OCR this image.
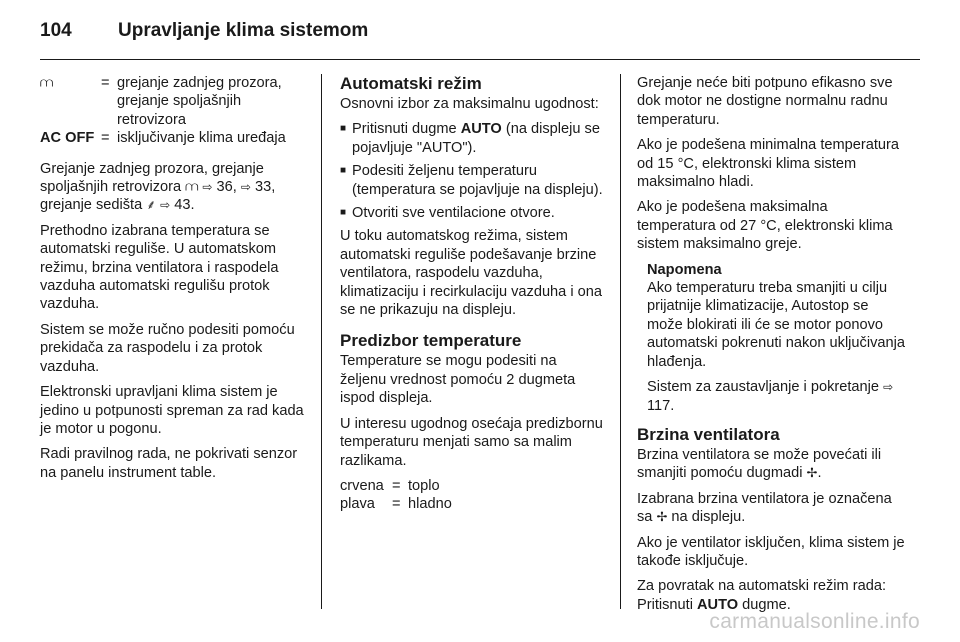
104	Upravljanje klima sistemom
⩋	= grejanje zadnjeg prozora, grejanje spoljašnjih retrovizora
AC OFF = isključivanje klima uređaja

Grejanje zadnjeg prozora, grejanje spoljašnjih retrovizora ⩋ ⇨ 36, ⇨ 33, grejanje sedišta ⸙ ⇨ 43.

Prethodno izabrana temperatura se automatski reguliše. U automatskom režimu, brzina ventilatora i raspodela vazduha automatski regulišu protok vazduha.

Sistem se može ručno podesiti pomoću prekidača za raspodelu i za protok vazduha.

Elektronski upravljani klima sistem je jedino u potpunosti spreman za rad kada je motor u pogonu.

Radi pravilnog rada, ne pokrivati senzor na panelu instrument table.

Automatski režim

Osnovni izbor za maksimalnu ugodnost:

■ Pritisnuti dugme AUTO (na displeju se pojavljuje "AUTO").
■ Podesiti željenu temperaturu (temperatura se pojavljuje na displeju).
■ Otvoriti sve ventilacione otvore.

U toku automatskog režima, sistem automatski reguliše podešavanje brzine ventilatora, raspodelu vazduha, klimatizaciju i recirkulaciju vazduha i ona se ne prikazuju na displeju.

Predizbor temperature

Temperature se mogu podesiti na željenu vrednost pomoću 2 dugmeta ispod displeja.

U interesu ugodnog osećaja predizbornu temperaturu menjati samo sa malim razlikama.

crvena = toplo
plava	= hladno

Grejanje neće biti potpuno efikasno sve dok motor ne dostigne normalnu radnu temperaturu.

Ako je podešena minimalna temperatura od 15 °C, elektronski klima sistem maksimalno hladi.

Ako je podešena maksimalna temperatura od 27 °C, elektronski klima sistem maksimalno greje.

Napomena

Ako temperaturu treba smanjiti u cilju prijatnije klimatizacije, Autostop se može blokirati ili će se motor ponovo automatski pokrenuti nakon uključivanja hlađenja.

Sistem za zaustavljanje i pokretanje ⇨ 117.

Brzina ventilatora

Brzina ventilatora se može povećati ili smanjiti pomoću dugmadi ✢.

Izabrana brzina ventilatora je označena sa ✢ na displeju.

Ako je ventilator isključen, klima sistem je takođe isključuje.

Za povratak na automatski režim rada: Pritisnuti AUTO dugme.

carmanualsonline.info
